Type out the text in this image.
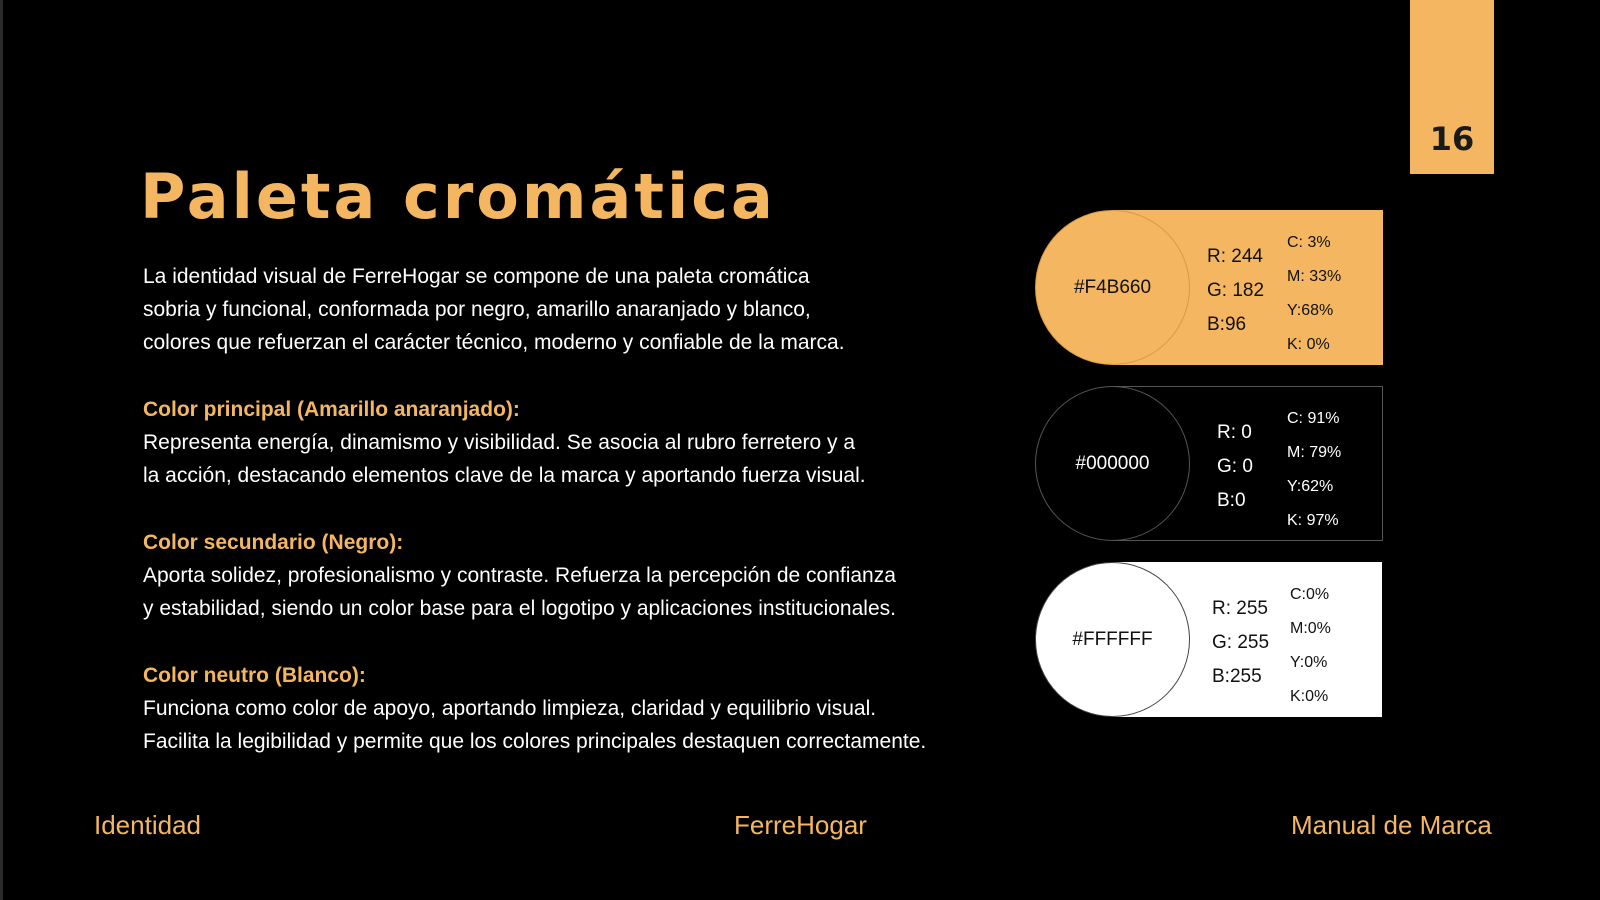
16
Paleta cromática

La identidad visual de FerreHogar se compone de una paleta cromática

sobria y funcional, conformada por negro, amarillo anaranjado y blanco,

colores que refuerzan el carácter técnico, moderno y confiable de la marca.

Color principal (Amarillo anaranjado):

Representa energía, dinamismo y visibilidad. Se asocia al rubro ferretero y a

la acción, destacando elementos clave de la marca y aportando fuerza visual.

Color secundario (Negro):

Aporta solidez, profesionalismo y contraste. Refuerza la percepción de confianza

y estabilidad, siendo un color base para el logotipo y aplicaciones institucionales.

Color neutro (Blanco):

Funciona como color de apoyo, aportando limpieza, claridad y equilibrio visual.

Facilita la legibilidad y permite que los colores principales destaquen correctamente.

#F4B660
R: 244
G: 182
B:96
C: 3%
M: 33%
Y:68%
K: 0%
#000000
R: 0
G: 0
B:0
C: 91%
M: 79%
Y:62%
K: 97%
#FFFFFF
R: 255
G: 255
B:255
C:0%
M:0%
Y:0%
K:0%
Identidad	FerreHogar	Manual de Marca
